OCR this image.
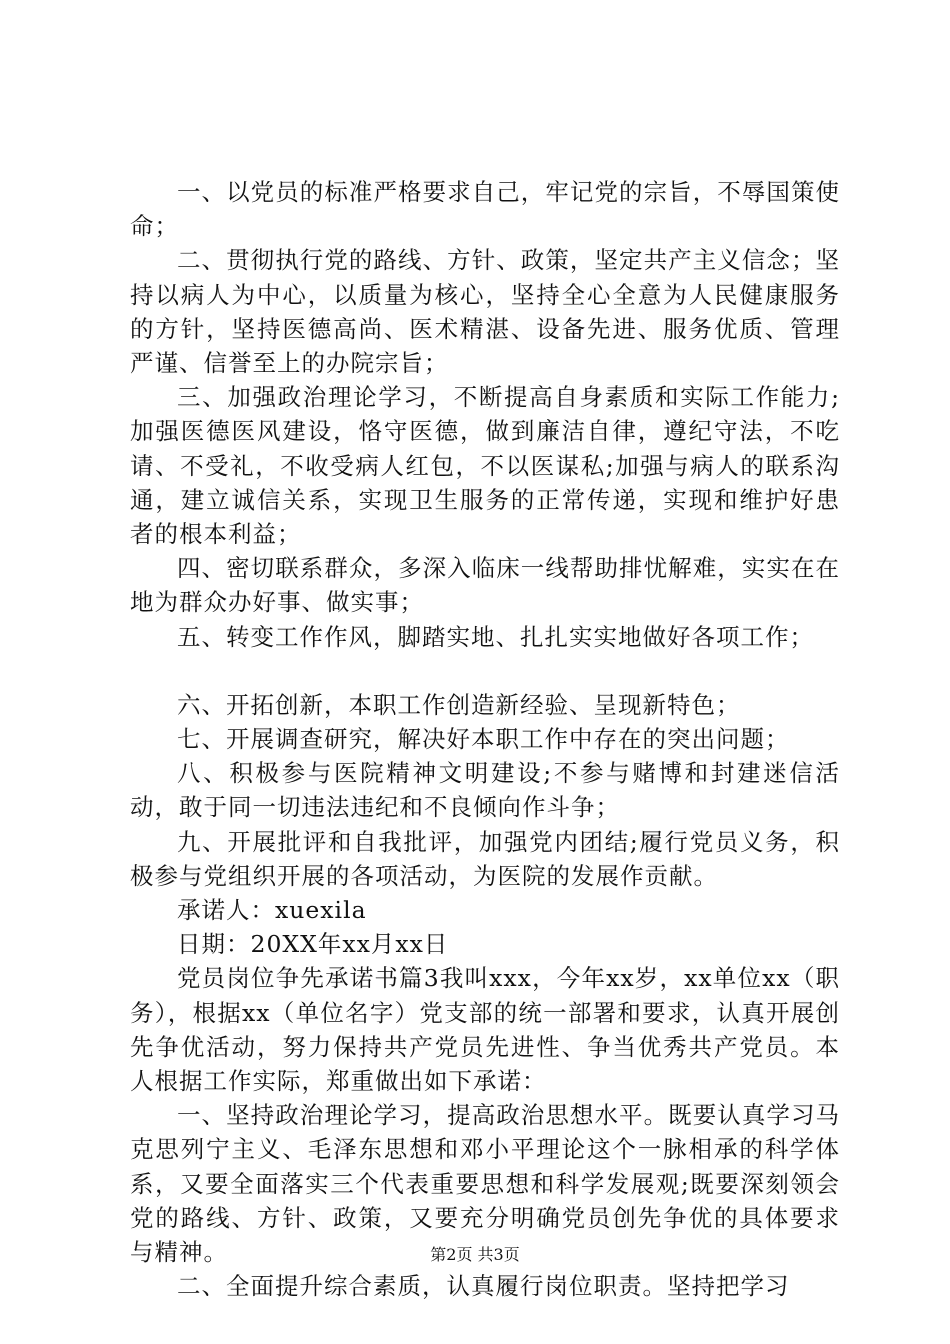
一、以党员的标准严格要求自己，牢记党的宗旨，不辱国策使命；

二、贯彻执行党的路线、方针、政策，坚定共产主义信念；坚持以病人为中心，以质量为核心，坚持全心全意为人民健康服务的方针，坚持医德高尚、医术精湛、设备先进、服务优质、管理严谨、信誉至上的办院宗旨；

三、加强政治理论学习，不断提高自身素质和实际工作能力;加强医德医风建设，恪守医德，做到廉洁自律，遵纪守法，不吃请、不受礼，不收受病人红包，不以医谋私;加强与病人的联系沟通，建立诚信关系，实现卫生服务的正常传递，实现和维护好患者的根本利益；

四、密切联系群众，多深入临床一线帮助排忧解难，实实在在地为群众办好事、做实事；

五、转变工作作风，脚踏实地、扎扎实实地做好各项工作；

六、开拓创新，本职工作创造新经验、呈现新特色；

七、开展调查研究，解决好本职工作中存在的突出问题；

八、积极参与医院精神文明建设;不参与赌博和封建迷信活动，敢于同一切违法违纪和不良倾向作斗争；

九、开展批评和自我批评，加强党内团结;履行党员义务，积极参与党组织开展的各项活动，为医院的发展作贡献。

承诺人：xuexila

日期：20XX年xx月xx日

党员岗位争先承诺书篇3我叫xxx，今年xx岁，xx单位xx（职务），根据xx（单位名字）党支部的统一部署和要求，认真开展创先争优活动，努力保持共产党员先进性、争当优秀共产党员。本人根据工作实际，郑重做出如下承诺：

一、坚持政治理论学习，提高政治思想水平。既要认真学习马克思列宁主义、毛泽东思想和邓小平理论这个一脉相承的科学体系，又要全面落实三个代表重要思想和科学发展观;既要深刻领会党的路线、方针、政策，又要充分明确党员创先争优的具体要求与精神。

二、全面提升综合素质，认真履行岗位职责。坚持把学习

第2页 共3页
